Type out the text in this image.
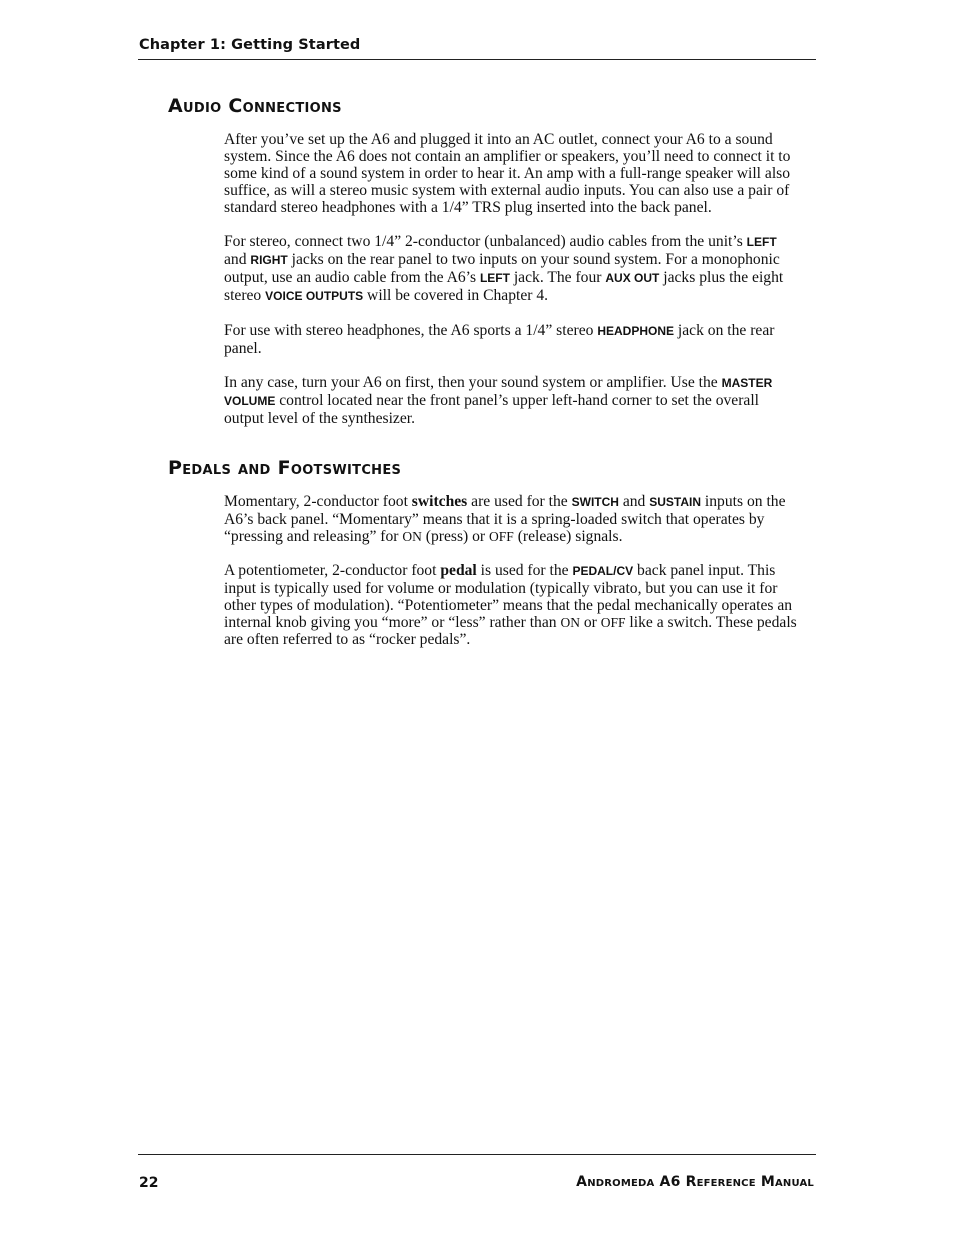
Chapter 1: Getting Started
Audio Connections

After you’ve set up the A6 and plugged it into an AC outlet, connect your A6 to a sound system. Since the A6 does not contain an amplifier or speakers, you’ll need to connect it to some kind of a sound system in order to hear it. An amp with a full-range speaker will also suffice, as will a stereo music system with external audio inputs. You can also use a pair of standard stereo headphones with a 1/4” TRS plug inserted into the back panel.

For stereo, connect two 1/4” 2-conductor (unbalanced) audio cables from the unit’s LEFT and RIGHT jacks on the rear panel to two inputs on your sound system. For a monophonic output, use an audio cable from the A6’s LEFT jack. The four AUX OUT jacks plus the eight stereo VOICE OUTPUTS will be covered in Chapter 4.

For use with stereo headphones, the A6 sports a 1/4” stereo HEADPHONE jack on the rear panel.

In any case, turn your A6 on first, then your sound system or amplifier. Use the MASTER VOLUME control located near the front panel’s upper left-hand corner to set the overall output level of the synthesizer.

Pedals and Footswitches

Momentary, 2-conductor foot switches are used for the SWITCH and SUSTAIN inputs on the A6’s back panel. “Momentary” means that it is a spring-loaded switch that operates by “pressing and releasing” for ON (press) or OFF (release) signals.

A potentiometer, 2-conductor foot pedal is used for the PEDAL/CV back panel input. This input is typically used for volume or modulation (typically vibrato, but you can use it for other types of modulation). “Potentiometer” means that the pedal mechanically operates an internal knob giving you “more” or “less” rather than ON or OFF like a switch. These pedals are often referred to as “rocker pedals”.

22	Andromeda A6 Reference Manual
